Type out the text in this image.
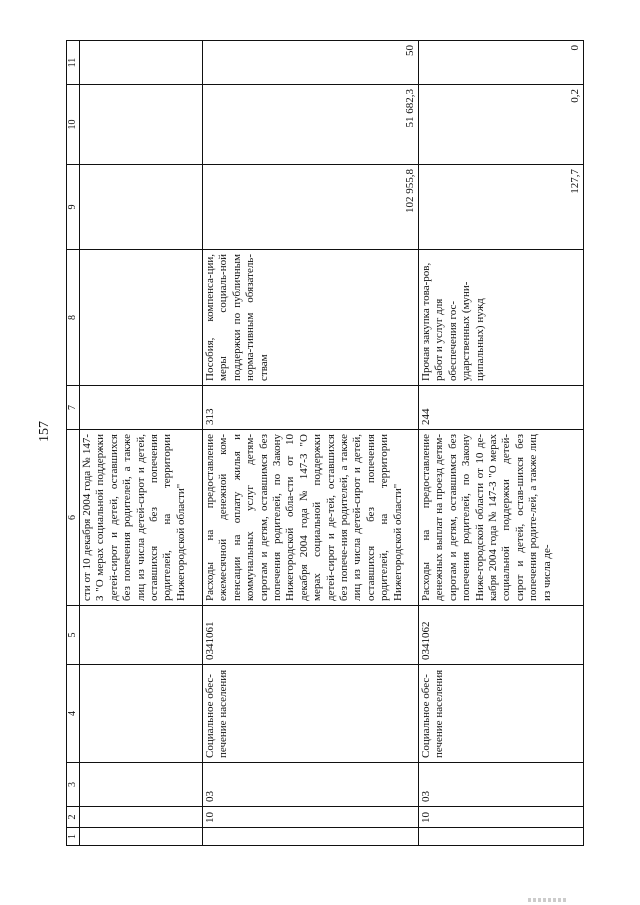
157
1	2	3	4	5	6	7	8	9	10	11
					сти от 10 декабря 2004 года № 147-З "О мерах социальной поддержки детей-сирот и детей, оставшихся без попечения родителей, а также лиц из числа детей-сирот и детей, оставшихся без попечения родителей, на территории Нижегородской области"					
	10	03	Социальное обес-печение населения	0341061	Расходы на предоставление ежемесячной денежной ком-пенсации на оплату жилья и коммунальных услуг детям-сиротам и детям, оставшимся без попечения родителей, по Закону Нижегородской обла-сти от 10 декабря 2004 года № 147-З "О мерах социальной поддержки детей-сирот и де-тей, оставшихся без попече-ния родителей, а также лиц из числа детей-сирот и детей, оставшихся без попечения родителей, на территории Нижегородской области"	313	Пособия, компенса-ции, меры социаль-ной поддержки по публичным норма-тивным обязатель-ствам	102 955,8	51 682,3	50
	10	03	Социальное обес-печение населения	0341062	Расходы на предоставление денежных выплат на проезд детям-сиротам и детям, оставшимся без попечения родителей, по Закону Ниже-городской области от 10 де-кабря 2004 года № 147-З "О мерах социальной поддержки детей-сирот и детей, остав-шихся без попечения родите-лей, а также лиц из числа де-	244	Прочая закупка това-ров, работ и услуг для обеспечения гос-ударственных (муни-ципальных) нужд	127,7	0,2	0
